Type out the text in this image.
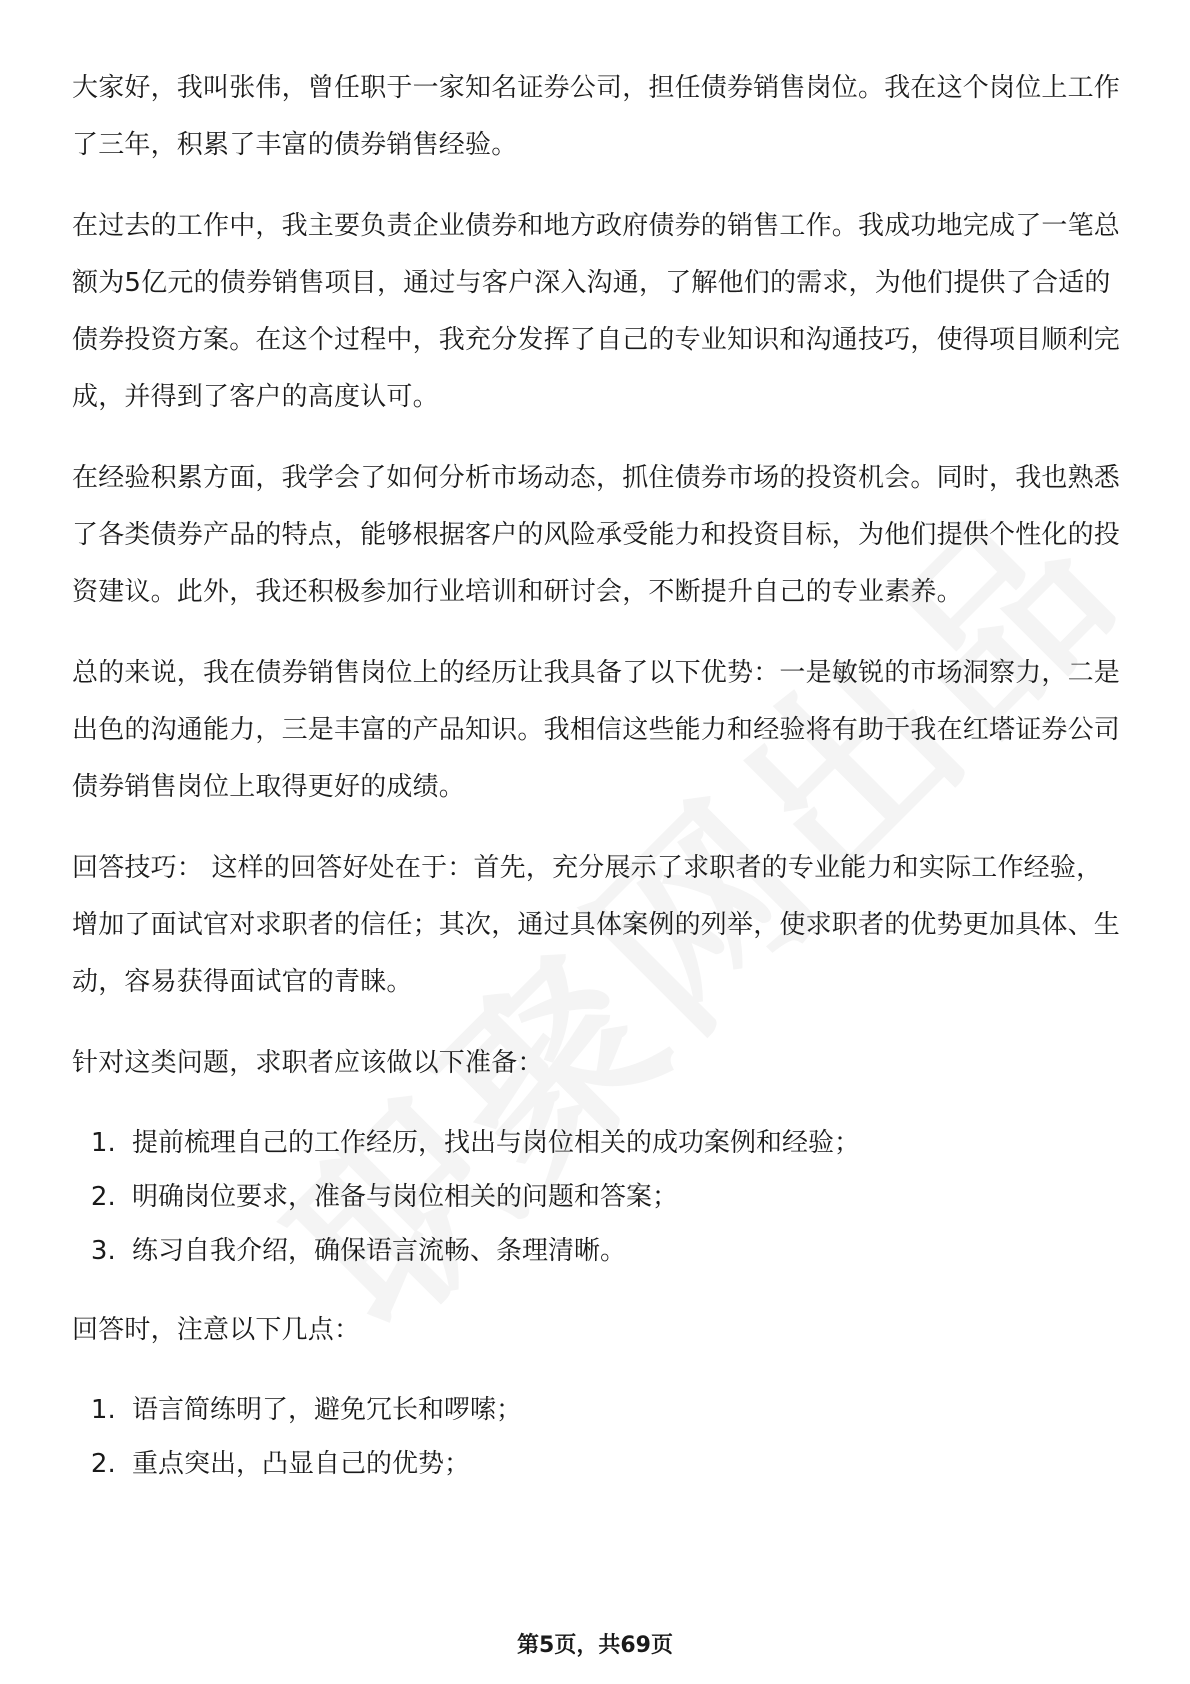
大家好，我叫张伟，曾任职于一家知名证券公司，担任债券销售岗位。我在这个岗位上工作了三年，积累了丰富的债券销售经验。

在过去的工作中，我主要负责企业债券和地方政府债券的销售工作。我成功地完成了一笔总额为5亿元的债券销售项目，通过与客户深入沟通，了解他们的需求，为他们提供了合适的债券投资方案。在这个过程中，我充分发挥了自己的专业知识和沟通技巧，使得项目顺利完成，并得到了客户的高度认可。

在经验积累方面，我学会了如何分析市场动态，抓住债券市场的投资机会。同时，我也熟悉了各类债券产品的特点，能够根据客户的风险承受能力和投资目标，为他们提供个性化的投资建议。此外，我还积极参加行业培训和研讨会，不断提升自己的专业素养。

总的来说，我在债券销售岗位上的经历让我具备了以下优势：一是敏锐的市场洞察力，二是出色的沟通能力，三是丰富的产品知识。我相信这些能力和经验将有助于我在红塔证券公司债券销售岗位上取得更好的成绩。

回答技巧： 这样的回答好处在于：首先，充分展示了求职者的专业能力和实际工作经验，增加了面试官对求职者的信任；其次，通过具体案例的列举，使求职者的优势更加具体、生动，容易获得面试官的青睐。

针对这类问题，求职者应该做以下准备：

1. 提前梳理自己的工作经历，找出与岗位相关的成功案例和经验；
2. 明确岗位要求，准备与岗位相关的问题和答案；
3. 练习自我介绍，确保语言流畅、条理清晰。

回答时，注意以下几点：

1. 语言简练明了，避免冗长和啰嗦；
2. 重点突出，凸显自己的优势；
第5页，共69页
